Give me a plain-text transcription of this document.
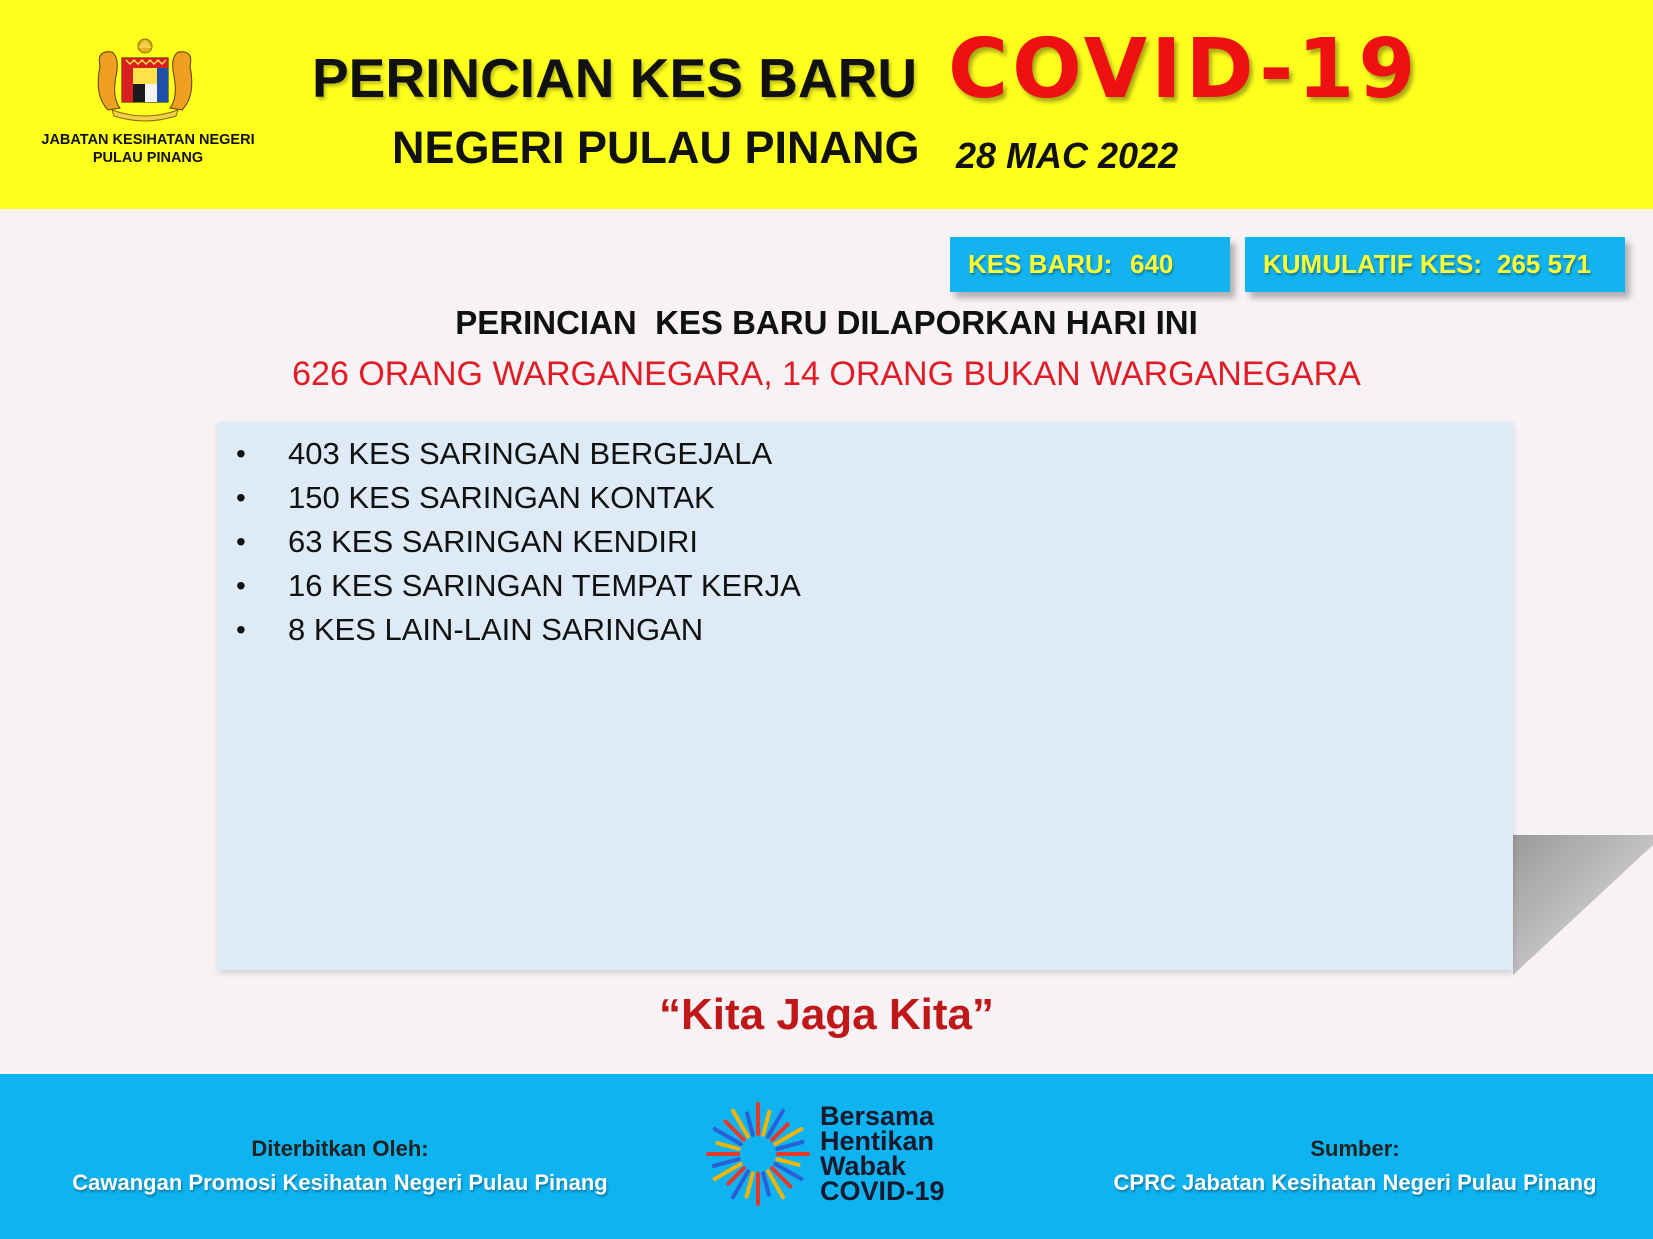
JABATAN KESIHATAN NEGERI
PULAU PINANG
PERINCIAN KES BARU COVID-19
NEGERI PULAU PINANG 28 MAC 2022
KES BARU: 640	KUMULATIF KES: 265 571
PERINCIAN  KES BARU DILAPORKAN HARI INI
626 ORANG WARGANEGARA, 14 ORANG BUKAN WARGANEGARA
• 403 KES SARINGAN BERGEJALA
• 150 KES SARINGAN KONTAK
• 63 KES SARINGAN KENDIRI
• 16 KES SARINGAN TEMPAT KERJA
• 8 KES LAIN-LAIN SARINGAN
“Kita Jaga Kita”
Diterbitkan Oleh:
Cawangan Promosi Kesihatan Negeri Pulau Pinang
Bersama
Hentikan
Wabak
COVID-19
Sumber:
CPRC Jabatan Kesihatan Negeri Pulau Pinang
